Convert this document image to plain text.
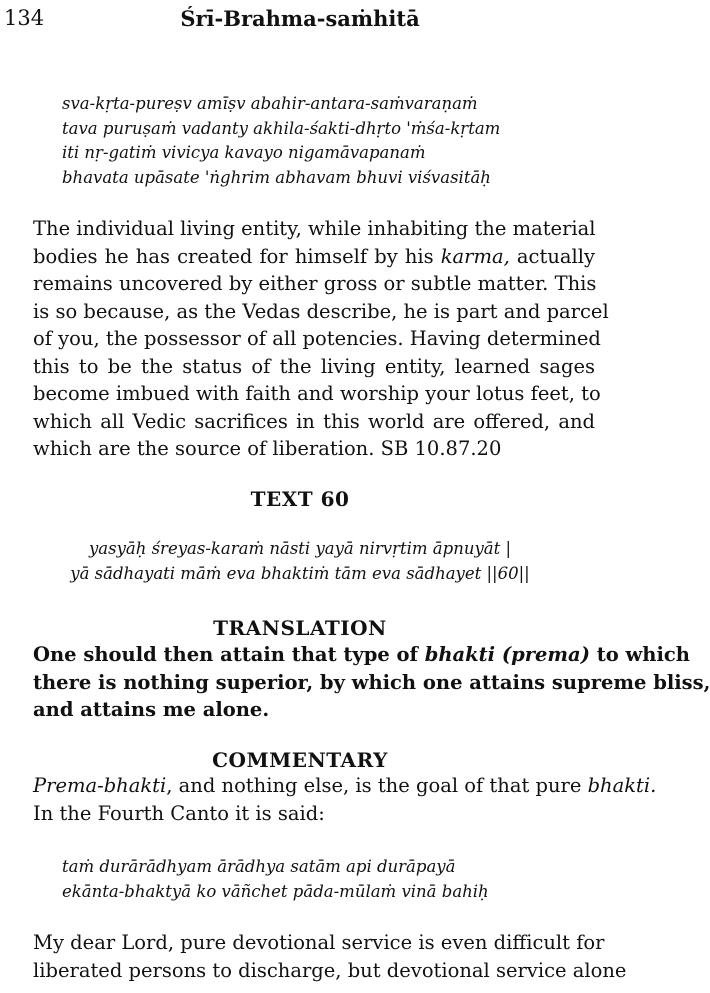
134	Śrī-Brahma-saṁhitā
sva-kṛta-pureṣv amīṣv abahir-antara-saṁvaraṇaṁ
tava puruṣaṁ vadanty akhila-śakti-dhṛto 'ṁśa-kṛtam
iti nṛ-gatiṁ vivicya kavayo nigamāvapanaṁ
bhavata upāsate 'ṅghrim abhavam bhuvi viśvasitāḥ
The individual living entity, while inhabiting the material
bodies he has created for himself by his karma, actually
remains uncovered by either gross or subtle matter. This
is so because, as the Vedas describe, he is part and parcel
of you, the possessor of all potencies. Having determined
this to be the status of the living entity, learned sages
become imbued with faith and worship your lotus feet, to
which all Vedic sacrifices in this world are offered, and
which are the source of liberation. SB 10.87.20
TEXT 60
yasyāḥ śreyas-karaṁ nāsti yayā nirvṛtim āpnuyāt |
yā sādhayati māṁ eva bhaktiṁ tām eva sādhayet ||60||
TRANSLATION
One should then attain that type of bhakti (prema) to which
there is nothing superior, by which one attains supreme bliss,
and attains me alone.
COMMENTARY
Prema-bhakti, and nothing else, is the goal of that pure bhakti.
In the Fourth Canto it is said:
taṁ durārādhyam ārādhya satām api durāpayā
ekānta-bhaktyā ko vāñchet pāda-mūlaṁ vinā bahiḥ
My dear Lord, pure devotional service is even difficult for
liberated persons to discharge, but devotional service alone
